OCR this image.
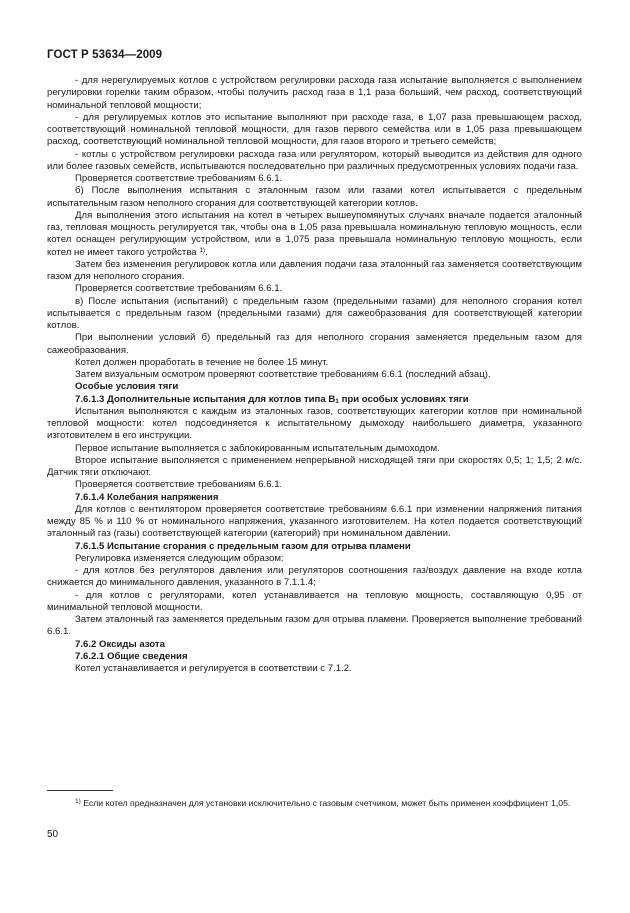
ГОСТ Р 53634—2009

- для нерегулируемых котлов с устройством регулировки расхода газа испытание выполняется с выполнением регулировки горелки таким образом, чтобы получить расход газа в 1,1 раза больший, чем расход, соответствующий номинальной тепловой мощности;

- для регулируемых котлов это испытание выполняют при расходе газа, в 1,07 раза превышающем расход, соответствующий номинальной тепловой мощности, для газов первого семейства или в 1,05 раза превышающем расход, соответствующий номинальной тепловой мощности, для газов второго и третьего семейств;

- котлы с устройством регулировки расхода газа или регулятором, который выводится из действия для одного или более газовых семейств, испытываются последовательно при различных предусмотренных условиях подачи газа.

Проверяется соответствие требованиям 6.6.1.

б) После выполнения испытания с эталонным газом или газами котел испытывается с предельным испытательным газом неполного сгорания для соответствующей категории котлов.

Для выполнения этого испытания на котел в четырех вышеупомянутых случаях вначале подается эталонный газ, тепловая мощность регулируется так, чтобы она в 1,05 раза превышала номинальную тепловую мощность, если котел оснащен регулирующим устройством, или в 1,075 раза превышала номинальную тепловую мощность, если котел не имеет такого устройства $^{1)}$.

Затем без изменения регулировок котла или давления подачи газа эталонный газ заменяется соответствующим газом для неполного сгорания.

Проверяется соответствие требованиям 6.6.1.

в) После испытания (испытаний) с предельным газом (предельными газами) для неполного сгорания котел испытывается с предельным газом (предельными газами) для сажеобразования для соответствующей категории котлов.

При выполнении условий б) предельный газ для неполного сгорания заменяется предельным газом для сажеобразования.

Котел должен проработать в течение не более 15 минут.

Затем визуальным осмотром проверяют соответствие требованиям 6.6.1 (последний абзац).

Особые условия тяги

7.6.1.3 Дополнительные испытания для котлов типа $B_1$ при особых условиях тяги

Испытания выполняются с каждым из эталонных газов, соответствующих категории котлов при номинальной тепловой мощности: котел подсоединяется к испытательному дымоходу наибольшего диаметра, указанного изготовителем в его инструкции.

Первое испытание выполняется с заблокированным испытательным дымоходом.

Второе испытание выполняется с применением непрерывной нисходящей тяги при скоростях 0,5; 1; 1,5; 2 м/с. Датчик тяги отключают.

Проверяется соответствие требованиям 6.6.1.

7.6.1.4 Колебания напряжения

Для котлов с вентилятором проверяется соответствие требованиям 6.6.1 при изменении напряжения питания между 85 % и 110 % от номинального напряжения, указанного изготовителем. На котел подается соответствующий эталонный газ (газы) соответствующей категории (категорий) при номинальном давлении.

7.6.1.5 Испытание сгорания с предельным газом для отрыва пламени

Регулировка изменяется следующим образом:

- для котлов без регуляторов давления или регуляторов соотношения газ/воздух давление на входе котла снижается до минимального давления, указанного в 7.1.1.4;

- для котлов с регуляторами, котел устанавливается на тепловую мощность, составляющую 0,95 от минимальной тепловой мощности.

Затем эталонный газ заменяется предельным газом для отрыва пламени. Проверяется выполнение требований 6.6.1.

7.6.2 Оксиды азота

7.6.2.1 Общие сведения

Котел устанавливается и регулируется в соответствии с 7.1.2.

$^{1)}$ Если котел предназначен для установки исключительно с газовым счетчиком, может быть применен коэффициент 1,05.

50
